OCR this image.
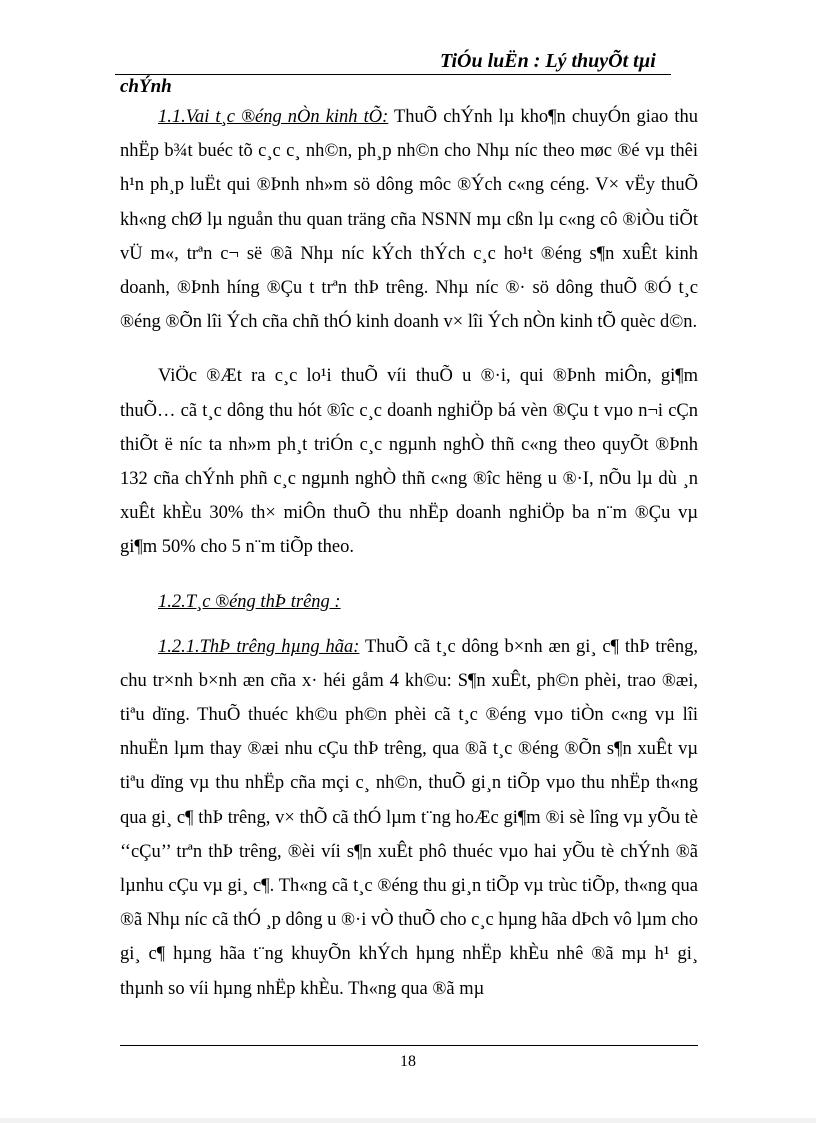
TiÓu luËn : Lý thuyÕt tµi
chÝnh

1.1.Vai t¸c ®éng nÒn kinh tÕ: ThuÕ chÝnh lµ kho¶n chuyÓn giao thu nhËp b¾t buéc tõ c¸c c¸ nh©n, ph¸p nh©n cho Nhµ níc theo møc ®é vµ thêi h¹n ph¸p luËt qui ®Þnh nh»m sö dông môc ®Ých c«ng céng. V× vËy thuÕ kh«ng chØ lµ nguån thu quan träng cña NSNN mµ cßn lµ c«ng cô ®iÒu tiÕt vÜ m«, trªn c¬ së ®ã Nhµ níc kÝch thÝch c¸c ho¹t ®éng s¶n xuÊt kinh doanh, ®Þnh híng ®Çu t trªn thÞ trêng. Nhµ níc ®· sö dông thuÕ ®Ó t¸c ®éng ®Õn lîi Ých cña chñ thÓ kinh doanh v× lîi Ých nÒn kinh tÕ quèc d©n.

ViÖc ®Æt ra c¸c lo¹i thuÕ víi thuÕ u ®·i, qui ®Þnh miÔn, gi¶m thuÕ… cã t¸c dông thu hót ®îc c¸c doanh nghiÖp bá vèn ®Çu t vµo n¬i cÇn thiÕt ë níc ta nh»m ph¸t triÓn c¸c ngµnh nghÒ thñ c«ng theo quyÕt ®Þnh 132 cña chÝnh phñ c¸c ngµnh nghÒ thñ c«ng ®îc hëng u ®·I, nÕu lµ dù ¸n xuÊt khÈu 30% th× miÔn thuÕ thu nhËp doanh nghiÖp ba n¨m ®Çu vµ gi¶m 50% cho 5 n¨m tiÕp theo.

1.2.T¸c ®éng thÞ trêng :

1.2.1.ThÞ trêng hµng hãa: ThuÕ cã t¸c dông b×nh æn gi¸ c¶ thÞ trêng, chu tr×nh b×nh æn cña x· héi gåm 4 kh©u: S¶n xuÊt, ph©n phèi, trao ®æi, tiªu dïng. ThuÕ thuéc kh©u ph©n phèi cã t¸c ®éng vµo tiÒn c«ng vµ lîi nhuËn lµm thay ®æi nhu cÇu thÞ trêng, qua ®ã t¸c ®éng ®Õn s¶n xuÊt vµ tiªu dïng vµ thu nhËp cña mçi c¸ nh©n, thuÕ gi¸n tiÕp vµo thu nhËp th«ng qua gi¸ c¶ thÞ trêng, v× thÕ cã thÓ lµm t¨ng hoÆc gi¶m ®i sè lîng vµ yÕu tè ‘‘cÇu’’ trªn thÞ trêng, ®èi víi s¶n xuÊt phô thuéc vµo hai yÕu tè chÝnh ®ã lµnhu cÇu vµ gi¸ c¶. Th«ng cã t¸c ®éng thu gi¸n tiÕp vµ trùc tiÕp, th«ng qua ®ã Nhµ níc cã thÓ ¸p dông u ®·i vÒ thuÕ cho c¸c hµng hãa dÞch vô lµm cho gi¸ c¶ hµng hãa t¨ng khuyÕn khÝch hµng nhËp khÈu nhê ®ã mµ h¹ gi¸ thµnh so víi hµng nhËp khÈu. Th«ng qua ®ã mµ

18
